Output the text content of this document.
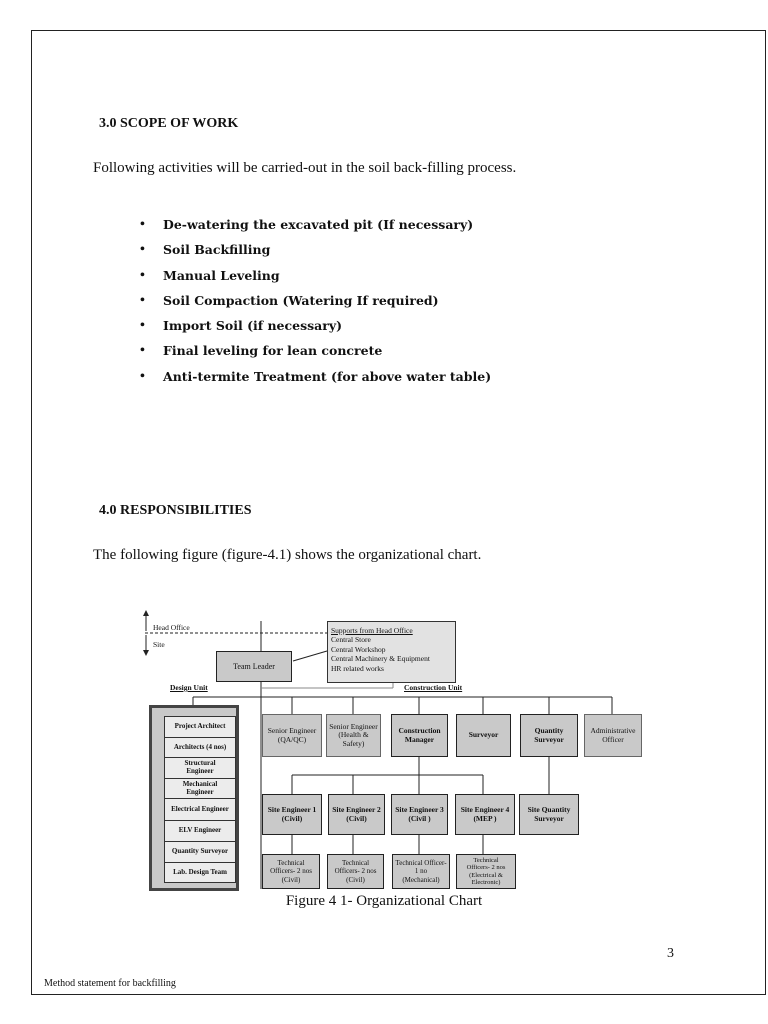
3.0 SCOPE OF WORK
Following activities will be carried-out in the soil back-filling process.
• De-watering the excavated pit (If necessary)
• Soil Backfilling
• Manual Leveling
• Soil Compaction (Watering If required)
• Import Soil (if necessary)
• Final leveling for lean concrete
• Anti-termite Treatment (for above water table)
4.0 RESPONSIBILITIES
The following figure (figure-4.1) shows the organizational chart.
Head Office
Site
Team Leader
Supports from Head Office
Central Store
Central Workshop
Central Machinery & Equipment
HR related works
Design Unit	Construction Unit
Project Architect
Architects (4 nos)
Structural
Engineer
Mechanical
Engineer
Electrical Engineer
ELV Engineer
Quantity Surveyor
Lab. Design Team
Senior Engineer
(QA/QC)
Senior Engineer
(Health &
Safety)
Construction
Manager	Surveyor	Quantity
Surveyor
Administrative
Officer
Site Engineer 1
(Civil)
Site Engineer 2
(Civil)
Site Engineer 3
(Civil )
Site Engineer 4
(MEP )
Site Quantity
Surveyor
Technical
Officers- 2 nos
(Civil)
Technical
Officers- 2 nos
(Civil)
Technical Officer-
1 no
(Mechanical)
Technical
Officers- 2 nos
(Electrical &
Electronic)
Figure 4 1- Organizational Chart
3
Method statement for backfilling
